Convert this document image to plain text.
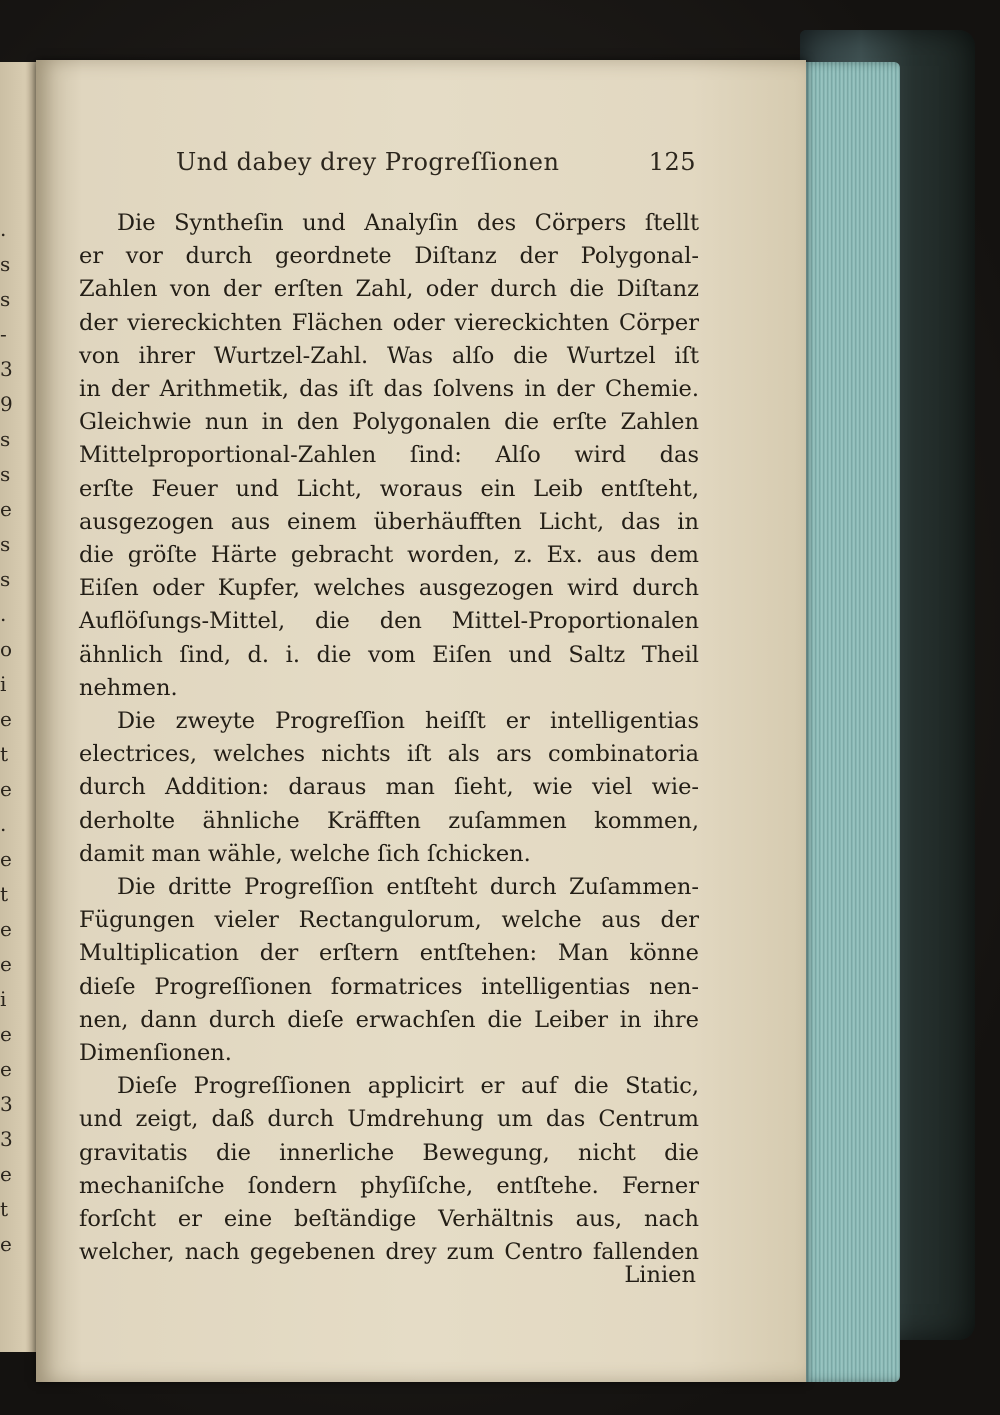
.
s
s
-
3
9
s
s
e
s
s
.
o
i
e
t
e
.
e
t
e
e
i
e
e
3
3
e
t
e
Und dabey drey Progreſſionen	125
Die Syntheſin und Analyſin des Cörpers ſtellt
er vor durch geordnete Diſtanz der Polygonal-
Zahlen von der erſten Zahl, oder durch die Diſtanz
der viereckichten Flächen oder viereckichten Cörper
von ihrer Wurtzel-Zahl. Was alſo die Wurtzel iſt
in der Arithmetik, das iſt das ſolvens in der Chemie.
Gleichwie nun in den Polygonalen die erſte Zahlen
Mittelproportional-Zahlen ſind: Alſo wird das
erſte Feuer und Licht, woraus ein Leib entſteht,
ausgezogen aus einem überhäufften Licht, das in
die gröſte Härte gebracht worden, z. Ex. aus dem
Eiſen oder Kupfer, welches ausgezogen wird durch
Auflöſungs-Mittel, die den Mittel-Proportionalen
ähnlich ſind, d. i. die vom Eiſen und Saltz Theil
nehmen.
Die zweyte Progreſſion heiſſt er intelligentias
electrices, welches nichts iſt als ars combinatoria
durch Addition: daraus man ſieht, wie viel wie-
derholte ähnliche Kräfften zuſammen kommen,
damit man wähle, welche ſich ſchicken.
Die dritte Progreſſion entſteht durch Zuſammen-
Fügungen vieler Rectangulorum, welche aus der
Multiplication der erſtern entſtehen: Man könne
dieſe Progreſſionen formatrices intelligentias nen-
nen, dann durch dieſe erwachſen die Leiber in ihre
Dimenſionen.
Dieſe Progreſſionen applicirt er auf die Static,
und zeigt, daß durch Umdrehung um das Centrum
gravitatis die innerliche Bewegung, nicht die
mechaniſche ſondern phyſiſche, entſtehe. Ferner
forſcht er eine beſtändige Verhältnis aus, nach
welcher, nach gegebenen drey zum Centro fallenden
Linien
